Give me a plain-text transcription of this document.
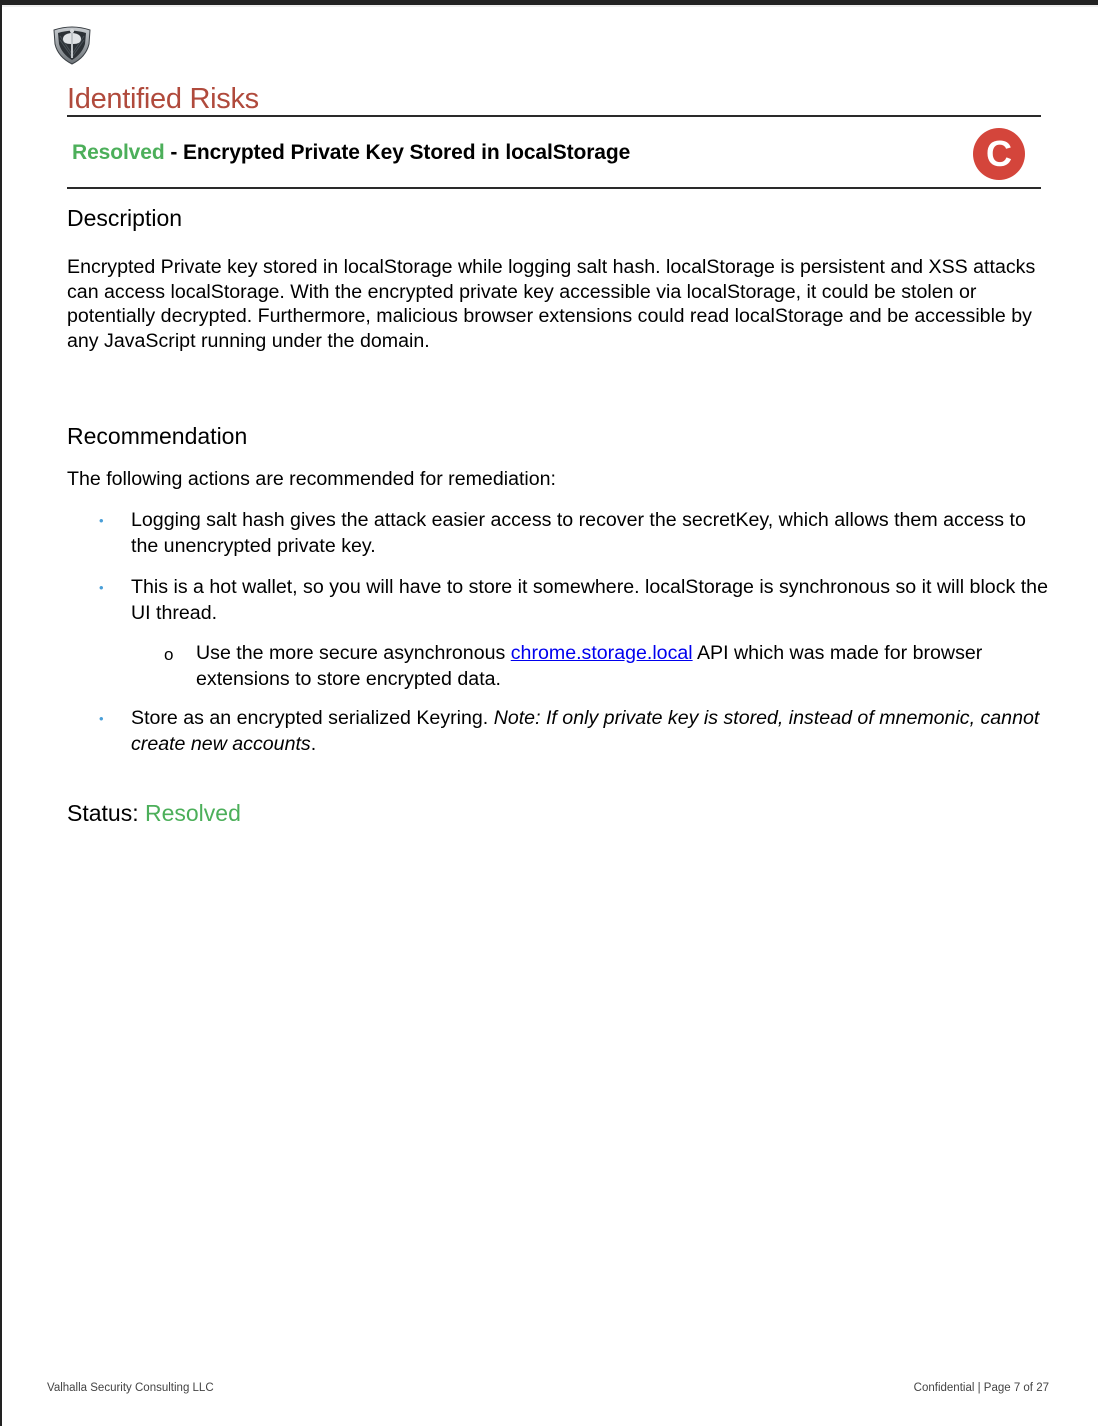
Identified Risks
Resolved - Encrypted Private Key Stored in localStorage	C
Description

Encrypted Private key stored in localStorage while logging salt hash. localStorage is persistent and XSS attacks can access localStorage. With the encrypted private key accessible via localStorage, it could be stolen or potentially decrypted. Furthermore, malicious browser extensions could read localStorage and be accessible by any JavaScript running under the domain.

Recommendation

The following actions are recommended for remediation:

• Logging salt hash gives the attack easier access to recover the secretKey, which allows them access to the unencrypted private key.
• This is a hot wallet, so you will have to store it somewhere. localStorage is synchronous so it will block the UI thread.
o Use the more secure asynchronous chrome.storage.local API which was made for browser extensions to store encrypted data.
• Store as an encrypted serialized Keyring. Note: If only private key is stored, instead of mnemonic, cannot create new accounts.
Status: Resolved
Valhalla Security Consulting LLC	Confidential | Page 7 of 27
